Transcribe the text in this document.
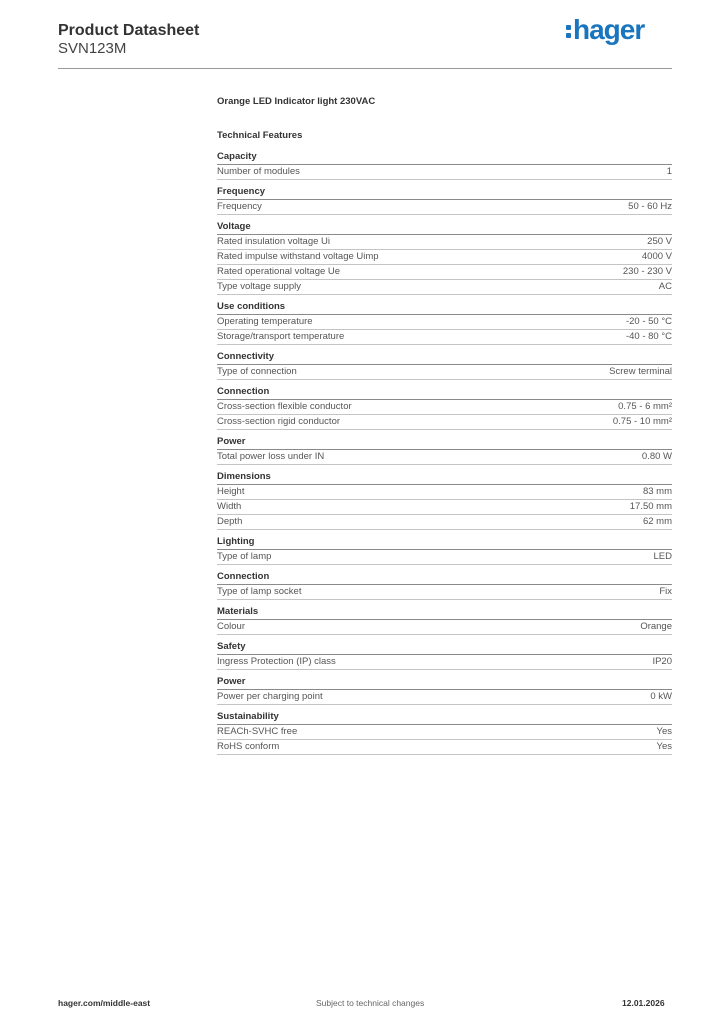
Product Datasheet
SVN123M
hager
Orange LED Indicator light 230VAC
Technical Features
Capacity
Number of modules	1
Frequency
Frequency	50 - 60 Hz
Voltage
Rated insulation voltage Ui	250 V
Rated impulse withstand voltage Uimp	4000 V
Rated operational voltage Ue	230 - 230 V
Type voltage supply	AC
Use conditions
Operating temperature	-20 - 50 °C
Storage/transport temperature	-40 - 80 °C
Connectivity
Type of connection	Screw terminal
Connection
Cross-section flexible conductor	0.75 - 6 mm²
Cross-section rigid conductor	0.75 - 10 mm²
Power
Total power loss under IN	0.80 W
Dimensions
Height	83 mm
Width	17.50 mm
Depth	62 mm
Lighting
Type of lamp	LED
Connection
Type of lamp socket	Fix
Materials
Colour	Orange
Safety
Ingress Protection (IP) class	IP20
Power
Power per charging point	0 kW
Sustainability
REACh-SVHC free	Yes
RoHS conform	Yes
hager.com/middle-east	Subject to technical changes	12.01.2026
